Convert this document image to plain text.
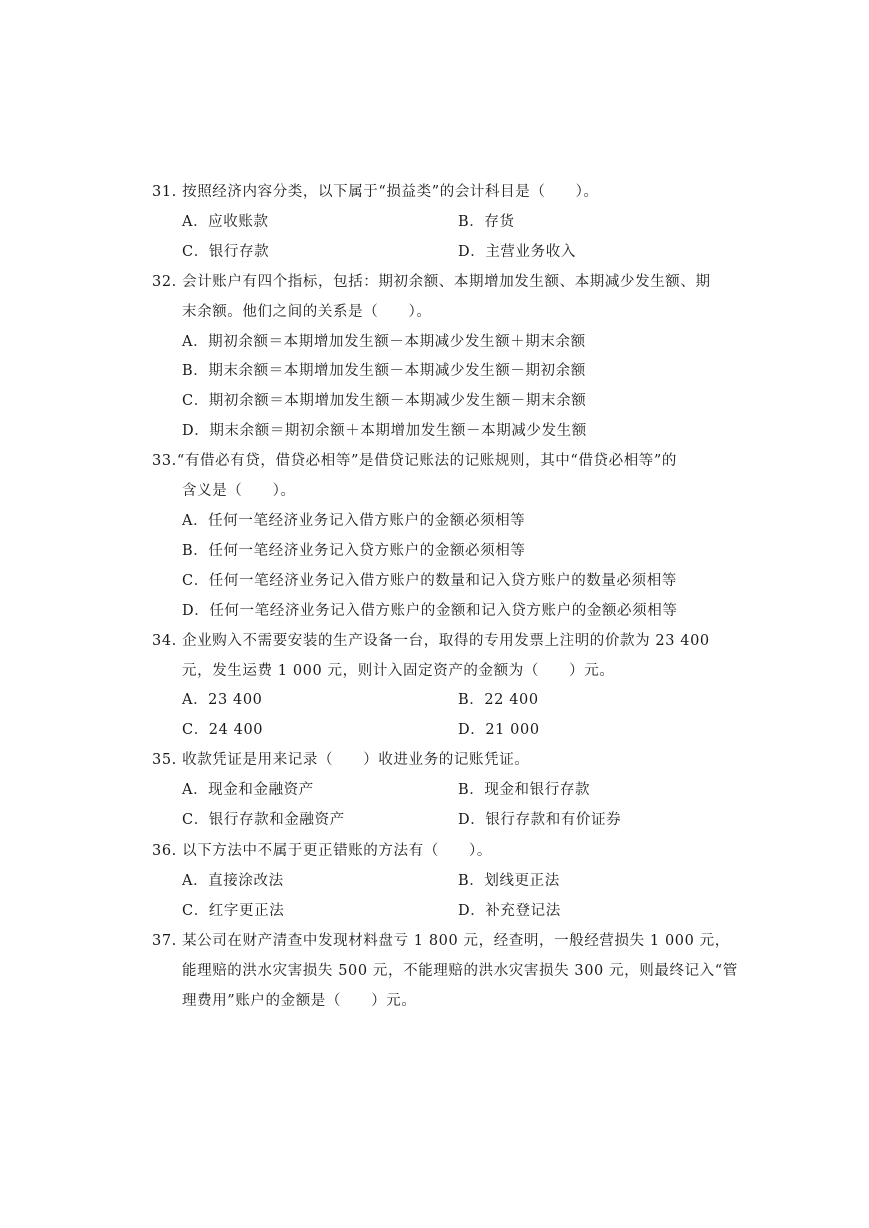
31. 按照经济内容分类，以下属于“损益类”的会计科目是（　　）。
A．应收账款	B．存货
C．银行存款	D．主营业务收入
32. 会计账户有四个指标，包括：期初余额、本期增加发生额、本期减少发生额、期
末余额。他们之间的关系是（　　）。
A．期初余额＝本期增加发生额－本期减少发生额＋期末余额
B．期末余额＝本期增加发生额－本期减少发生额－期初余额
C．期初余额＝本期增加发生额－本期减少发生额－期末余额
D．期末余额＝期初余额＋本期增加发生额－本期减少发生额
33.“有借必有贷，借贷必相等”是借贷记账法的记账规则，其中“借贷必相等”的
含义是（　　）。
A．任何一笔经济业务记入借方账户的金额必须相等
B．任何一笔经济业务记入贷方账户的金额必须相等
C．任何一笔经济业务记入借方账户的数量和记入贷方账户的数量必须相等
D．任何一笔经济业务记入借方账户的金额和记入贷方账户的金额必须相等
34. 企业购入不需要安装的生产设备一台，取得的专用发票上注明的价款为 23 400
元，发生运费 1 000 元，则计入固定资产的金额为（　　）元。
A．23 400	B．22 400
C．24 400	D．21 000
35. 收款凭证是用来记录（　　）收进业务的记账凭证。
A．现金和金融资产	B．现金和银行存款
C．银行存款和金融资产	D．银行存款和有价证券
36. 以下方法中不属于更正错账的方法有（　　）。
A．直接涂改法	B．划线更正法
C．红字更正法	D．补充登记法
37. 某公司在财产清查中发现材料盘亏 1 800 元，经查明，一般经营损失 1 000 元，
能理赔的洪水灾害损失 500 元，不能理赔的洪水灾害损失 300 元，则最终记入“管
理费用”账户的金额是（　　）元。
